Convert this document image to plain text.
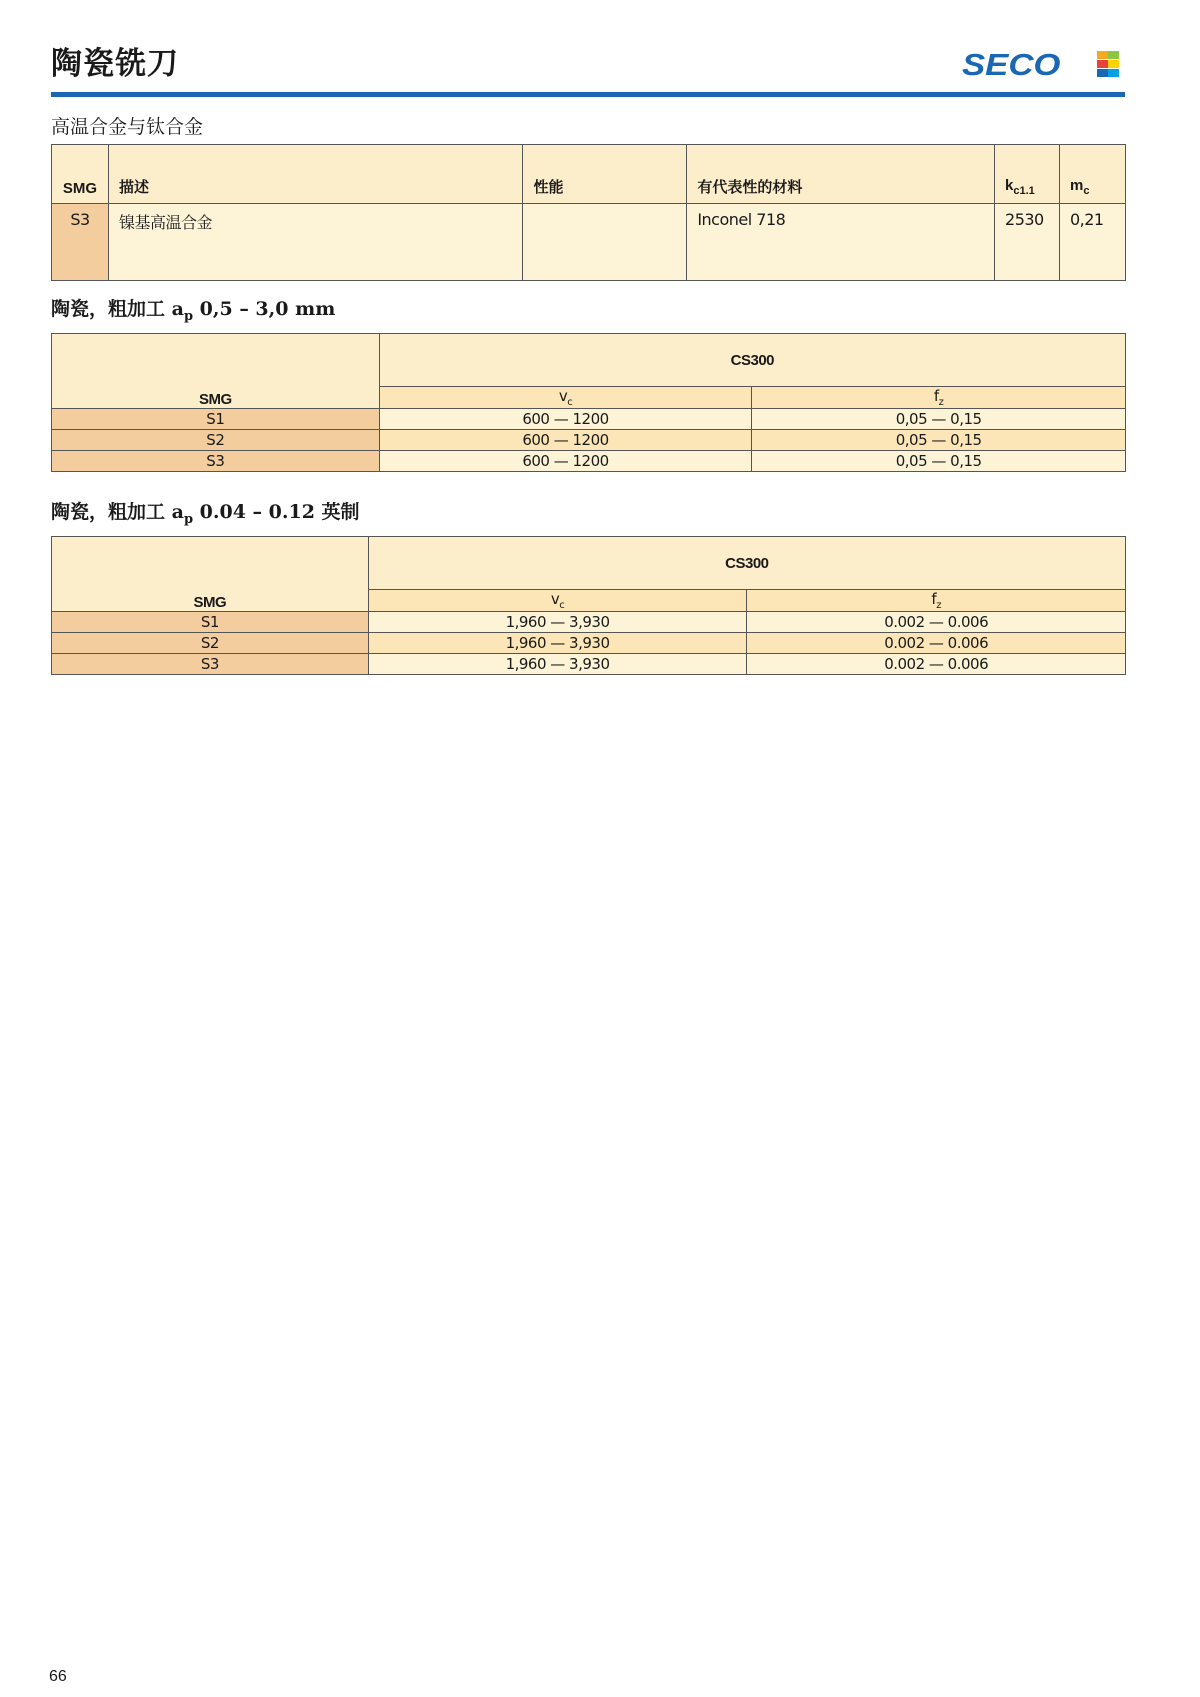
陶瓷铣刀	SECO
高温合金与钛合金
SMG	描述	性能	有代表性的材料	$k_{c1.1}$	$m_c$
S3	镍基高温合金		Inconel 718	2530	0,21
陶瓷，粗加工 $a_p$ 0,5 – 3,0 mm
SMG	CS300	
	$v_c$	$f_z$
S1	600 — 1200	0,05 — 0,15
S2	600 — 1200	0,05 — 0,15
S3	600 — 1200	0,05 — 0,15
陶瓷，粗加工 $a_p$ 0.04 – 0.12 英制
SMG	CS300	
	$v_c$	$f_z$
S1	1,960 — 3,930	0.002 — 0.006
S2	1,960 — 3,930	0.002 — 0.006
S3	1,960 — 3,930	0.002 — 0.006
66
